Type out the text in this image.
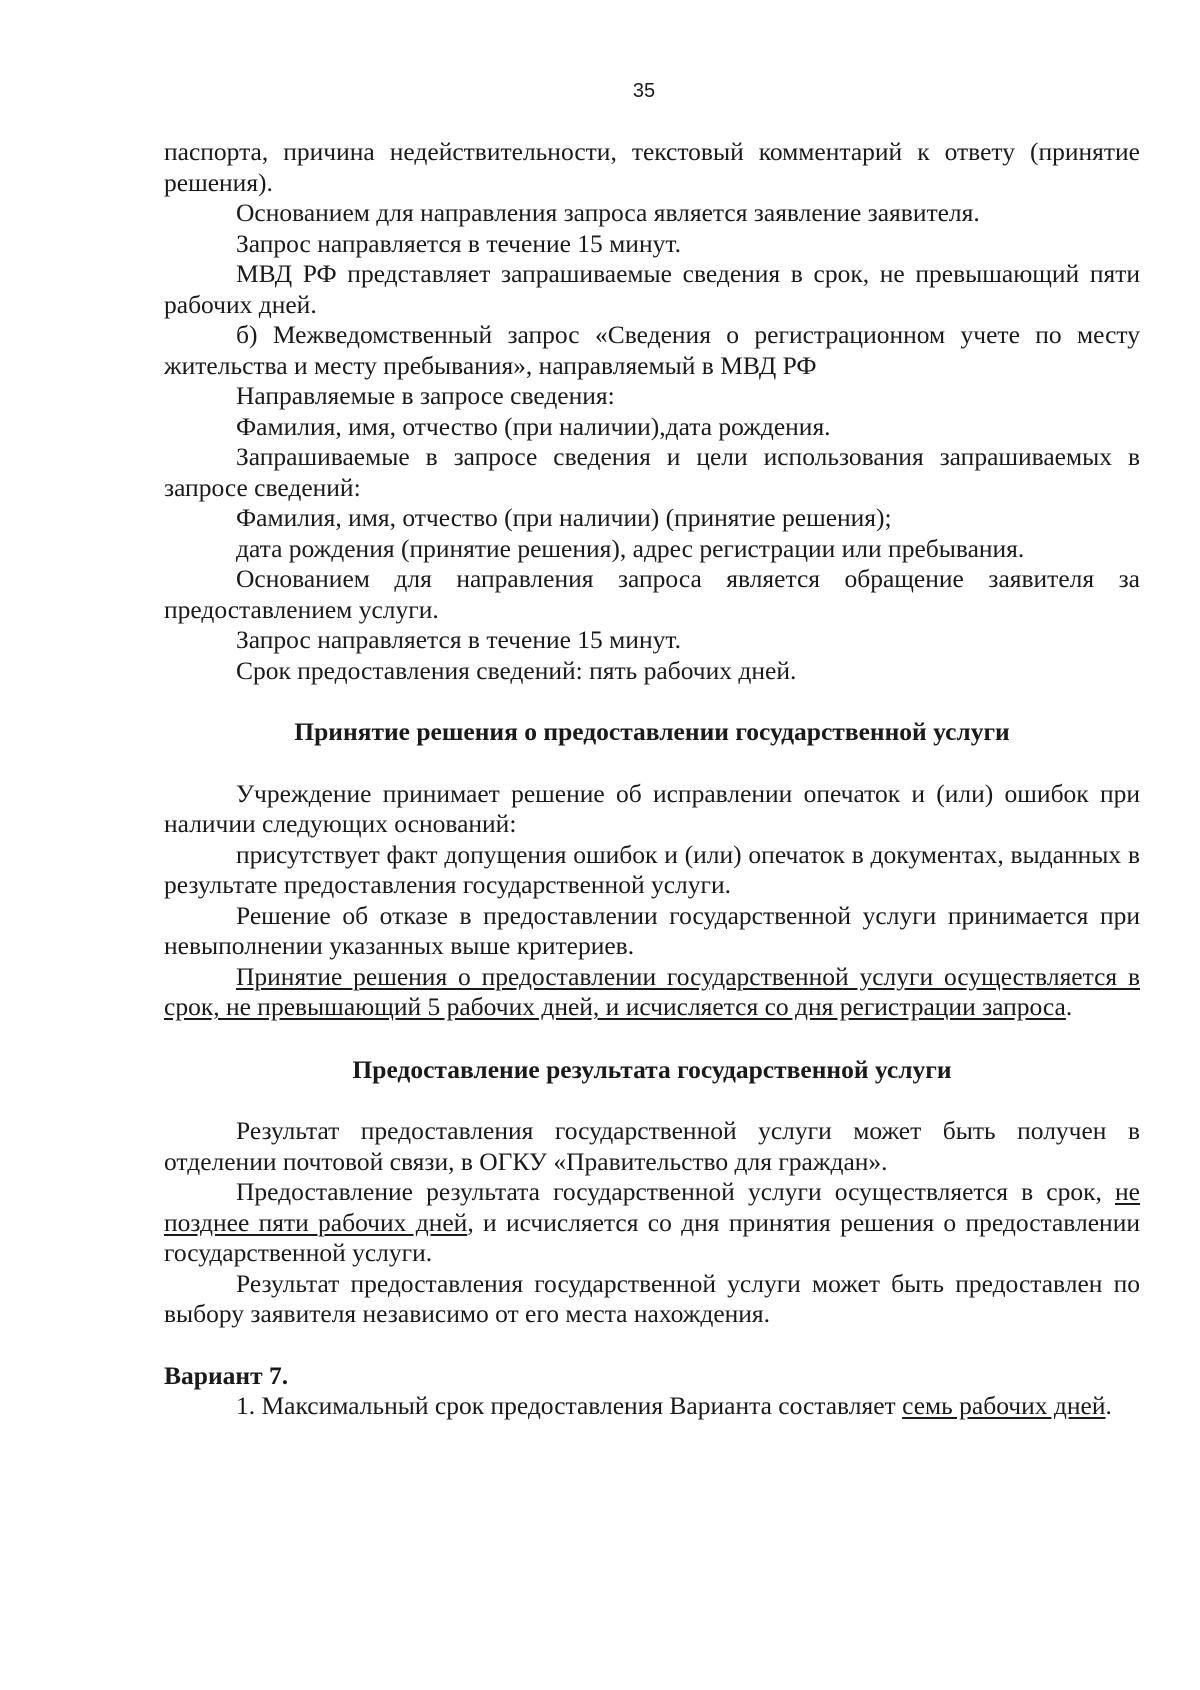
35

паспорта, причина недействительности, текстовый комментарий к ответу (принятие решения).

Основанием для направления запроса является заявление заявителя.

Запрос направляется в течение 15 минут.

МВД РФ представляет запрашиваемые сведения в срок, не превышающий пяти рабочих дней.

б) Межведомственный запрос «Сведения о регистрационном учете по месту жительства и месту пребывания», направляемый в МВД РФ

Направляемые в запросе сведения:

Фамилия, имя, отчество (при наличии),дата рождения.

Запрашиваемые в запросе сведения и цели использования запрашиваемых в запросе сведений:

Фамилия, имя, отчество (при наличии) (принятие решения);

дата рождения (принятие решения), адрес регистрации или пребывания.

Основанием для направления запроса является обращение заявителя за предоставлением услуги.

Запрос направляется в течение 15 минут.

Срок предоставления сведений: пять рабочих дней.

Принятие решения о предоставлении государственной услуги

Учреждение принимает решение об исправлении опечаток и (или) ошибок при наличии следующих оснований:

присутствует факт допущения ошибок и (или) опечаток в документах, выданных в результате предоставления государственной услуги.

Решение об отказе в предоставлении государственной услуги принимается при невыполнении указанных выше критериев.

Принятие решения о предоставлении государственной услуги осуществляется в срок, не превышающий 5 рабочих дней, и исчисляется со дня регистрации запроса.

Предоставление результата государственной услуги

Результат предоставления государственной услуги может быть получен в отделении почтовой связи, в ОГКУ «Правительство для граждан».

Предоставление результата государственной услуги осуществляется в срок, не позднее пяти рабочих дней, и исчисляется со дня принятия решения о предоставлении государственной услуги.

Результат предоставления государственной услуги может быть предоставлен по выбору заявителя независимо от его места нахождения.

Вариант 7.

1. Максимальный срок предоставления Варианта составляет семь рабочих дней.
